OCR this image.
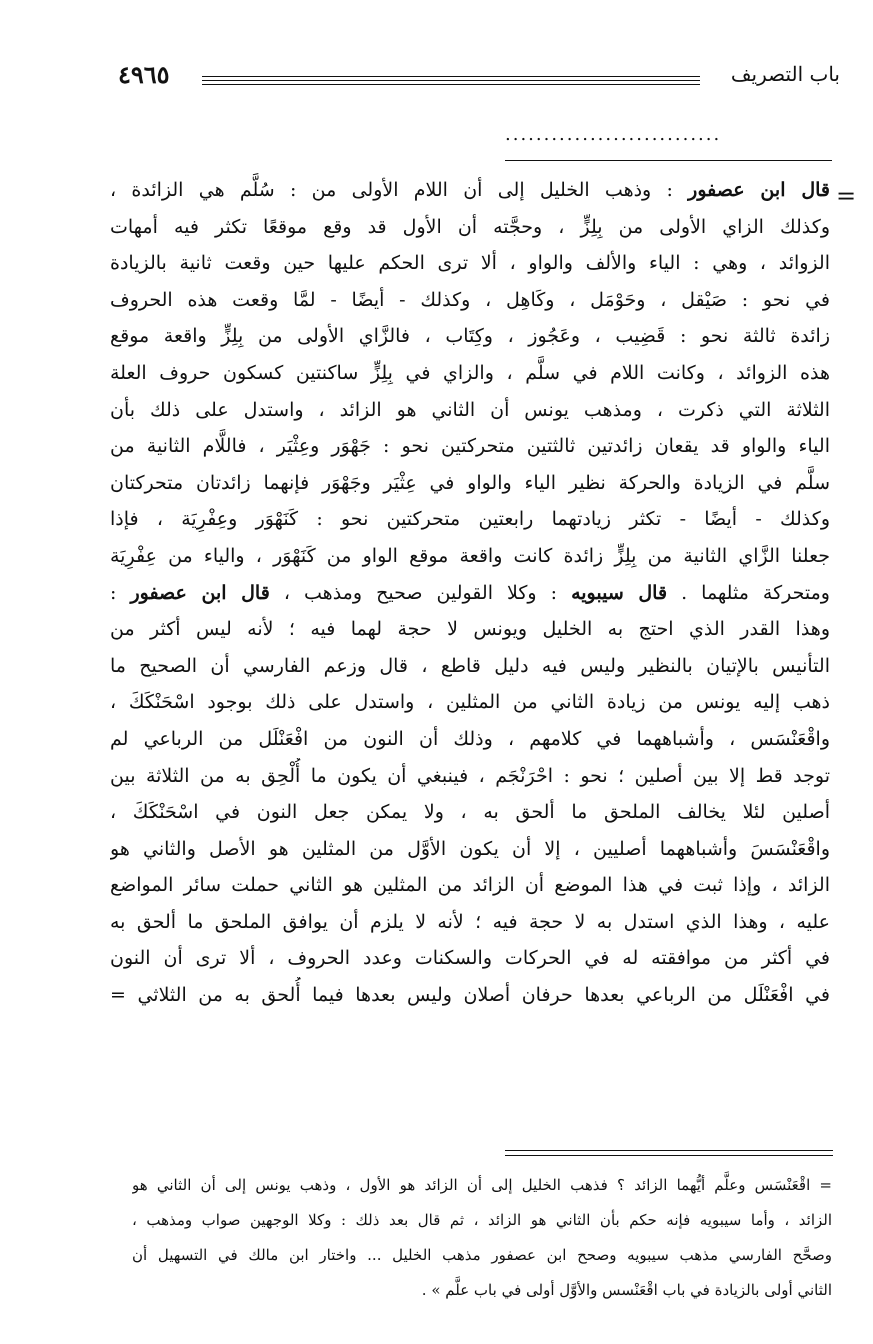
٤٩٦٥	باب التصريف
............................
=
قال ابن عصفور : وذهب الخليل إلى أن اللام الأولى من : سُلَّم هي الزائدة ،
وكذلك الزاي الأولى من بِلِزٍّ ، وحجَّته أن الأول قد وقع موقعًا تكثر فيه أمهات
الزوائد ، وهي : الياء والألف والواو ، ألا ترى الحكم عليها حين وقعت ثانية بالزيادة
في نحو : صَيْقل ، وحَوْمَل ، وكَاهِل ، وكذلك - أيضًا - لمَّا وقعت هذه الحروف
زائدة ثالثة نحو : قَضِيب ، وعَجُوز ، وكِتَاب ، فالزَّاي الأولى من بِلِزٍّ واقعة موقع
هذه الزوائد ، وكانت اللام في سلَّم ، والزاي في بِلِزٍّ ساكنتين كسكون حروف العلة
الثلاثة التي ذكرت ، ومذهب يونس أن الثاني هو الزائد ، واستدل على ذلك بأن
الياء والواو قد يقعان زائدتين ثالثتين متحركتين نحو : جَهْوَر وعِثْيَر ، فاللَّام الثانية من
سلَّم في الزيادة والحركة نظير الياء والواو في عِثْيَر وجَهْوَر فإنهما زائدتان متحركتان
وكذلك - أيضًا - تكثر زيادتهما رابعتين متحركتين نحو : كَنَهْوَر وعِفْرِيَة ، فإذا
جعلنا الزَّاي الثانية من بِلِزٍّ زائدة كانت واقعة موقع الواو من كَنَهْوَر ، والياء من عِفْرِيَة
ومتحركة مثلهما . قال سيبويه : وكلا القولين صحيح ومذهب ، قال ابن عصفور :
وهذا القدر الذي احتج به الخليل ويونس لا حجة لهما فيه ؛ لأنه ليس أكثر من
التأنيس بالإتيان بالنظير وليس فيه دليل قاطع ، قال وزعم الفارسي أن الصحيح ما
ذهب إليه يونس من زيادة الثاني من المثلين ، واستدل على ذلك بوجود اسْحَنْكَكَ ،
واقْعَنْسَس ، وأشباههما في كلامهم ، وذلك أن النون من افْعَنْلَل من الرباعي لم
توجد قط إلا بين أصلين ؛ نحو : احْرَنْجَم ، فينبغي أن يكون ما أُلْحِق به من الثلاثة بين
أصلين لئلا يخالف الملحق ما ألحق به ، ولا يمكن جعل النون في اسْحَنْكَكَ ،
واقْعَنْسَسَ وأشباههما أصليين ، إلا أن يكون الأوَّل من المثلين هو الأصل والثاني هو
الزائد ، وإذا ثبت في هذا الموضع أن الزائد من المثلين هو الثاني حملت سائر المواضع
عليه ، وهذا الذي استدل به لا حجة فيه ؛ لأنه لا يلزم أن يوافق الملحق ما ألحق به
في أكثر من موافقته له في الحركات والسكنات وعدد الحروف ، ألا ترى أن النون
في افْعَنْلَل من الرباعي بعدها حرفان أصلان وليس بعدها فيما أُلحق به من الثلاثي =
= اقْعَنْسَس وعلَّم أيُّهما الزائد ؟ فذهب الخليل إلى أن الزائد هو الأول ، وذهب يونس إلى أن الثاني هو
الزائد ، وأما سيبويه فإنه حكم بأن الثاني هو الزائد ، ثم قال بعد ذلك : وكلا الوجهين صواب ومذهب ،
وصحَّح الفارسي مذهب سيبويه وصحح ابن عصفور مذهب الخليل ... واختار ابن مالك في التسهيل أن
الثاني أولى بالزيادة في باب اقْعَنْسس والأوَّل أولى في باب علَّم » .
